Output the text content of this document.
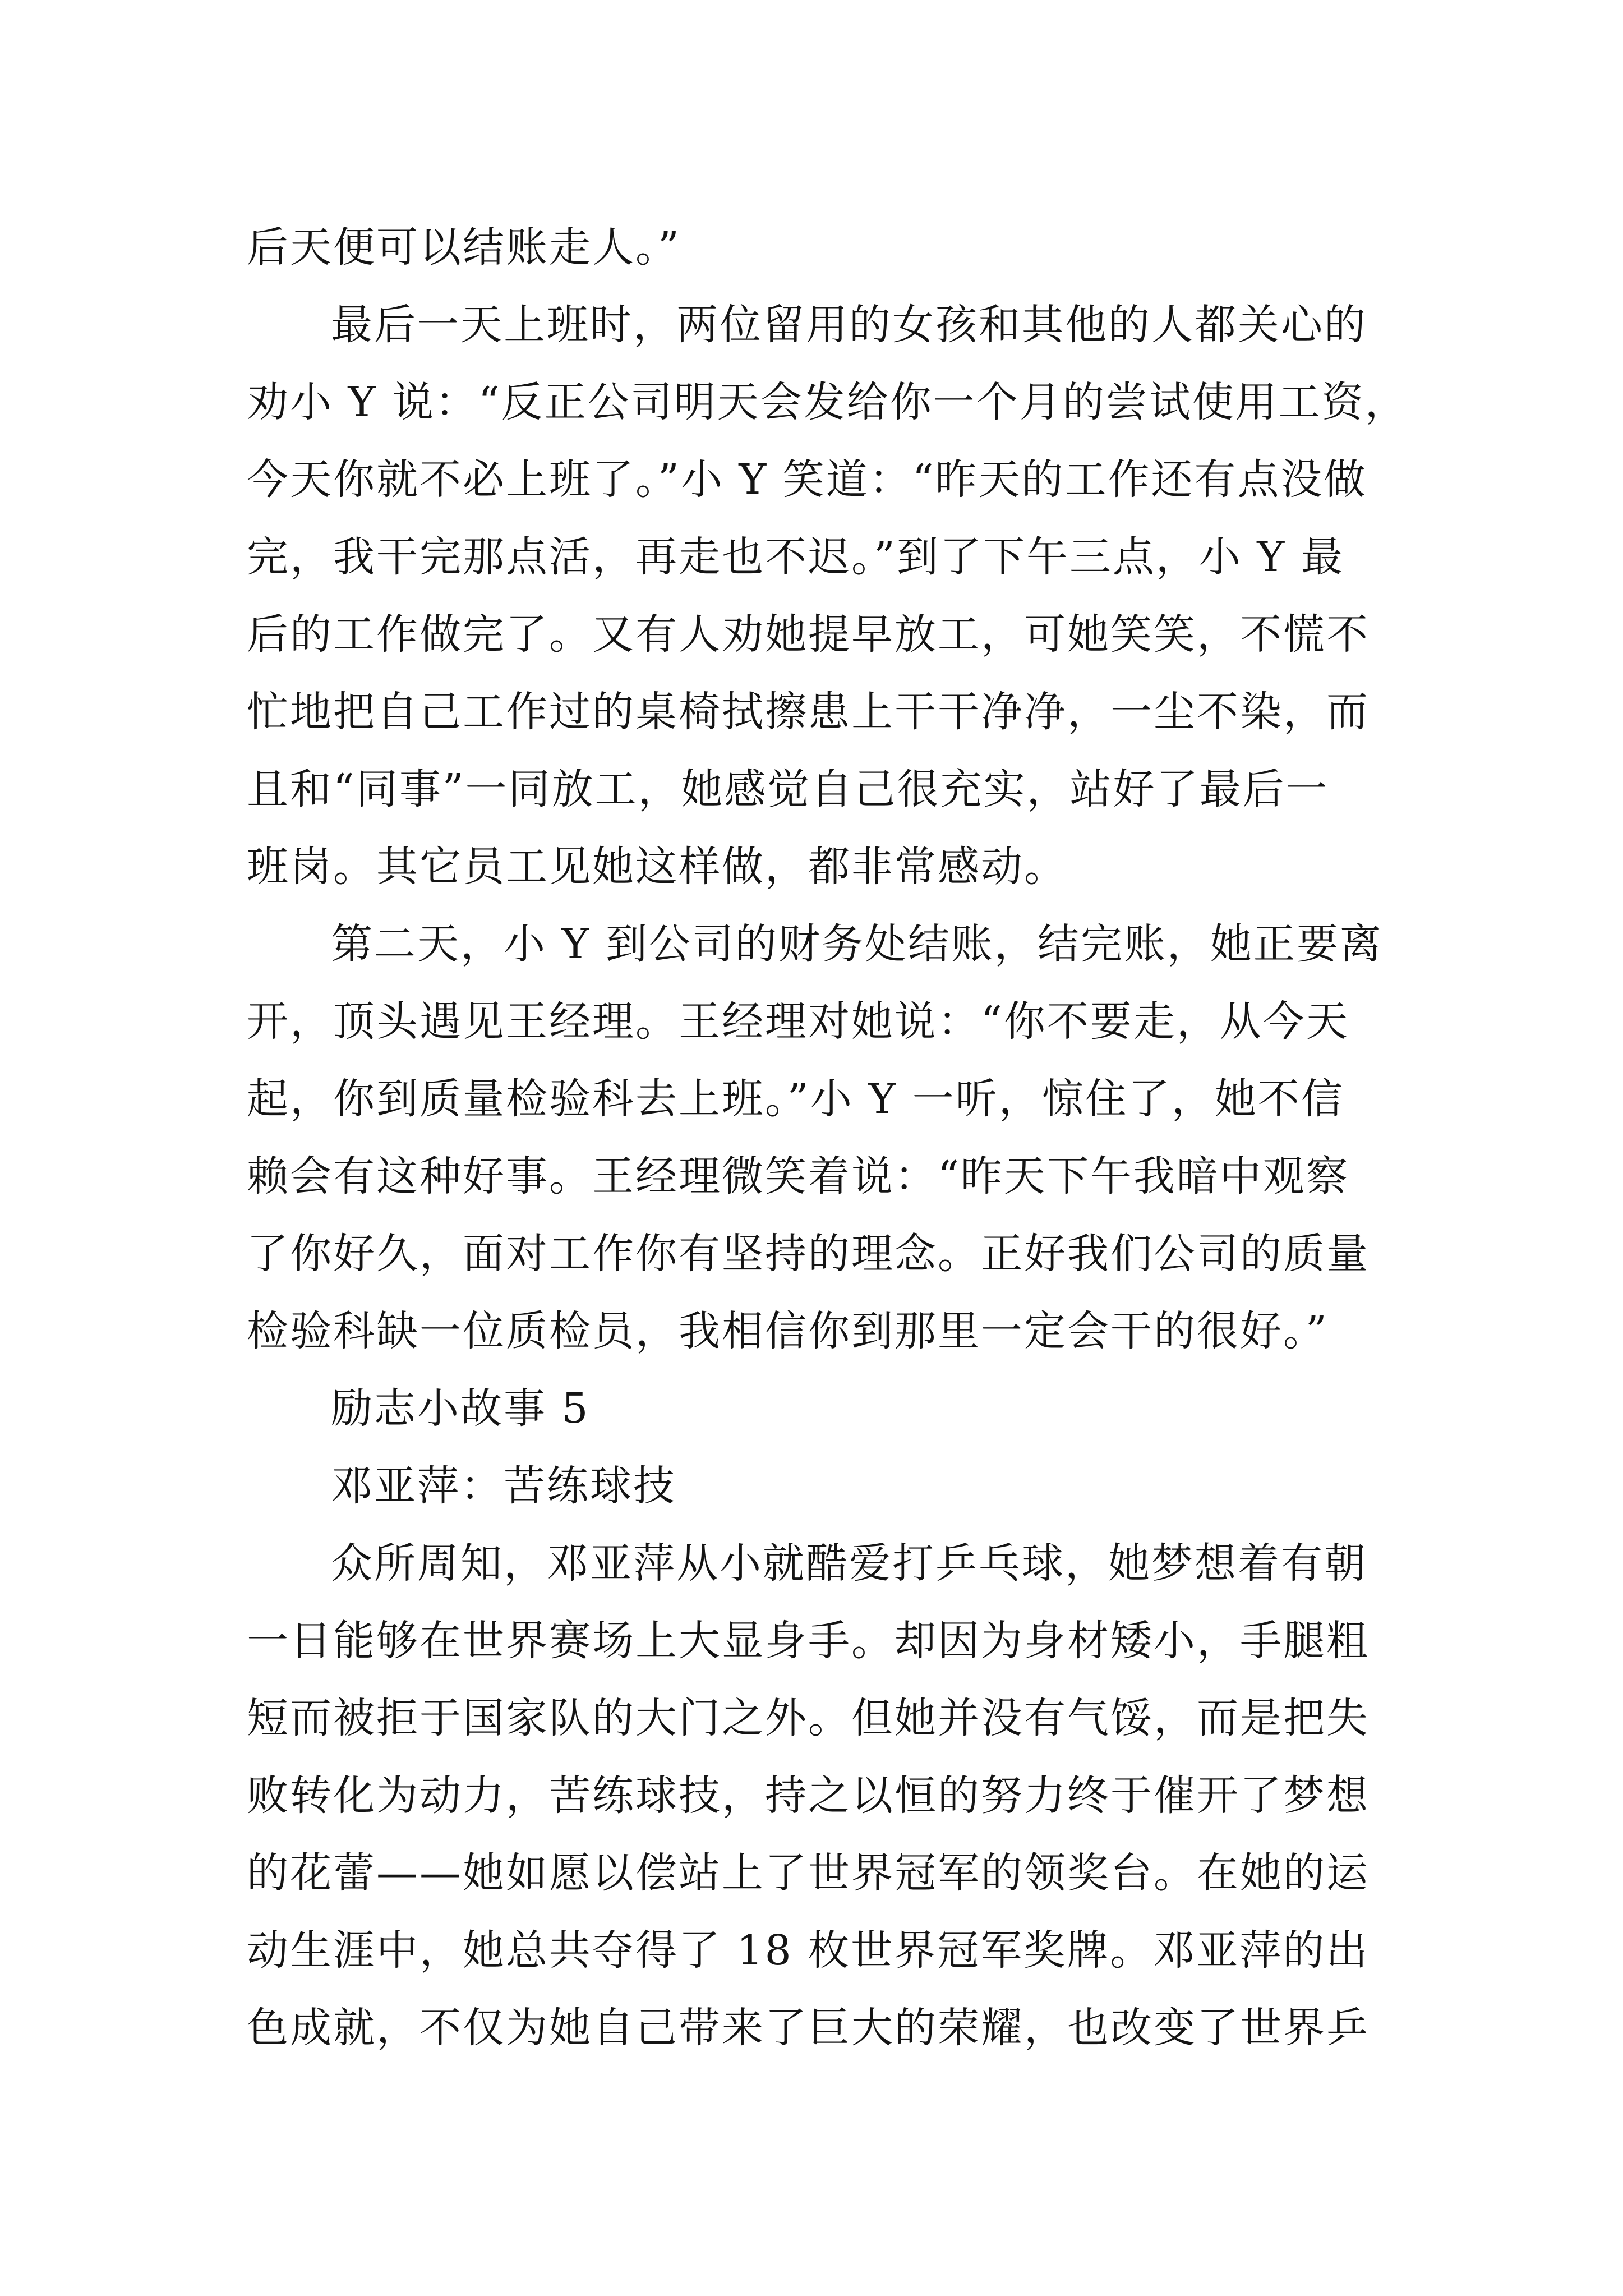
后天便可以结账走人。”
最后一天上班时，两位留用的女孩和其他的人都关心的
劝小 Y 说：“反正公司明天会发给你一个月的尝试使用工资，
今天你就不必上班了。”小 Y 笑道：“昨天的工作还有点没做
完，我干完那点活，再走也不迟。”到了下午三点，小 Y 最
后的工作做完了。又有人劝她提早放工，可她笑笑，不慌不
忙地把自己工作过的桌椅拭擦患上干干净净，一尘不染，而
且和“同事”一同放工，她感觉自己很充实，站好了最后一
班岗。其它员工见她这样做，都非常感动。
第二天，小 Y 到公司的财务处结账，结完账，她正要离
开，顶头遇见王经理。王经理对她说：“你不要走，从今天
起，你到质量检验科去上班。”小 Y 一听，惊住了，她不信
赖会有这种好事。王经理微笑着说：“昨天下午我暗中观察
了你好久，面对工作你有坚持的理念。正好我们公司的质量
检验科缺一位质检员，我相信你到那里一定会干的很好。”
励志小故事 5
邓亚萍：苦练球技
众所周知，邓亚萍从小就酷爱打乒乓球，她梦想着有朝
一日能够在世界赛场上大显身手。却因为身材矮小，手腿粗
短而被拒于国家队的大门之外。但她并没有气馁，而是把失
败转化为动力，苦练球技，持之以恒的努力终于催开了梦想
的花蕾——她如愿以偿站上了世界冠军的领奖台。在她的运
动生涯中，她总共夺得了 18 枚世界冠军奖牌。邓亚萍的出
色成就，不仅为她自己带来了巨大的荣耀，也改变了世界乒
